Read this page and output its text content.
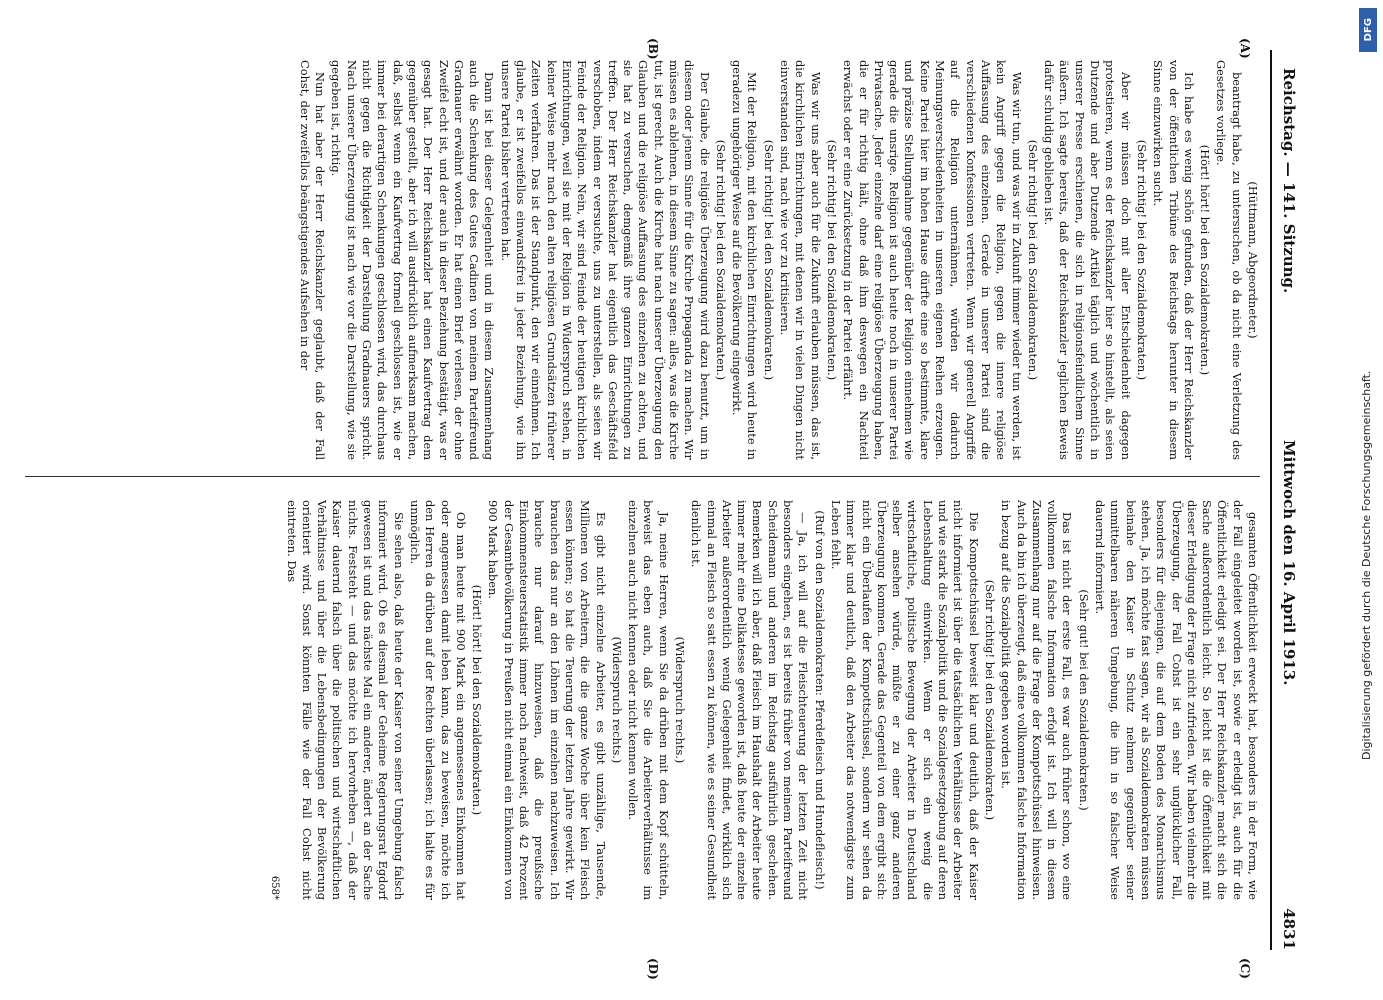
Reichstag. — 141. Sitzung.
Mittwoch den 16. April 1913.
4831
(A)
(B)
(C)
(D)

(Hüttmann, Abgeordneter.)

beantragt habe, zu untersuchen, ob da nicht eine Verletzung des Gesetzes vorliege.

(Hört! hört! bei den Sozialdemokraten.)

Ich habe es wenig schön gefunden, daß der Herr Reichskanzler von der öffentlichen Tribüne des Reichstags herunter in diesem Sinne einzuwirken sucht.

(Sehr richtig! bei den Sozialdemokraten.)

Aber wir müssen doch mit aller Entschiedenheit dagegen protestieren, wenn es der Reichskanzler hier so hinstellt, als seien Dutzende und aber Dutzende Artikel täglich und wöchentlich in unserer Presse erschienen, die sich in religionsfeindlichem Sinne äußern. Ich sagte bereits, daß der Reichskanzler jeglichen Beweis dafür schuldig geblieben ist.

(Sehr richtig! bei den Sozialdemokraten.)

Was wir tun, und was wir in Zukunft immer wieder tun werden, ist kein Angriff gegen die Religion, gegen die innere religiöse Auffassung des einzelnen. Gerade in unserer Partei sind die verschiedenen Konfessionen vertreten. Wenn wir generell Angriffe auf die Religion unternähmen, würden wir dadurch Meinungsverschiedenheiten in unseren eigenen Reihen erzeugen. Keine Partei hier im hohen Hause dürfte eine so bestimmte, klare und präzise Stellungnahme gegenüber der Religion einnehmen wie gerade die unsrige. Religion ist auch heute noch in unserer Partei Privatsache. Jeder einzelne darf eine religiöse Überzeugung haben, die er für richtig hält, ohne daß ihm deswegen ein Nachteil erwächst oder er eine Zurücksetzung in der Partei erfährt.

(Sehr richtig! bei den Sozialdemokraten.)

Was wir uns aber auch für die Zukunft erlauben müssen, das ist, die kirchlichen Einrichtungen, mit denen wir in vielen Dingen nicht einverstanden sind, nach wie vor zu kritisieren.

(Sehr richtig! bei den Sozialdemokraten.)

Mit der Religion, mit den kirchlichen Einrichtungen wird heute in geradezu ungehöriger Weise auf die Bevölkerung eingewirkt.

(Sehr richtig! bei den Sozialdemokraten.)

Der Glaube, die religiöse Überzeugung wird dazu benutzt, um in diesem oder jenem Sinne für die Kirche Propaganda zu machen. Wir müssen es ablehnen, in diesem Sinne zu sagen: alles, was die Kirche tut, ist gerecht. Auch die Kirche hat nach unserer Überzeugung den Glauben und die religiöse Auffassung des einzelnen zu achten, und sie hat zu versuchen, demgemäß ihre ganzen Einrichtungen zu treffen. Der Herr Reichskanzler hat eigentlich das Geschäftsfeld verschoben, indem er versuchte, uns zu unterstellen, als seien wir Feinde der Religion. Nein, wir sind Feinde der heutigen kirchlichen Einrichtungen, weil sie mit der Religion in Widerspruch stehen, in keiner Weise mehr nach den alten religiösen Grundsätzen früherer Zeiten verfahren. Das ist der Standpunkt, den wir einnehmen. Ich glaube, er ist zweifellos einwandsfrei in jeder Beziehung, wie ihn unsere Partei bisher vertreten hat.

Dann ist bei dieser Gelegenheit und in diesem Zusammenhang auch die Schenkung des Gutes Cadinen von meinem Parteifreund Gradnauer erwähnt worden. Er hat einen Brief verlesen, der ohne Zweifel echt ist, und der auch in dieser Beziehung bestätigt, was er gesagt hat. Der Herr Reichskanzler hat einen Kaufvertrag dem gegenüber gestellt, aber ich will ausdrücklich aufmerksam machen, daß, selbst wenn ein Kaufvertrag formell geschlossen ist, wie er immer bei derartigen Schenkungen geschlossen wird, das durchaus nicht gegen die Richtigkeit der Darstellung Gradnauers spricht. Nach unserer Überzeugung ist nach wie vor die Darstellung, wie sie gegeben ist, richtig.

Nun hat aber der Herr Reichskanzler geglaubt, daß der Fall Cohst, der zweifellos beängstigendes Aufsehen in der

gesamten Öffentlichkeit erweckt hat, besonders in der Form, wie der Fall eingeleitet worden ist, sowie er erledigt ist, auch für die Öffentlichkeit erledigt sei. Der Herr Reichskanzler macht sich die Sache außerordentlich leicht. So leicht ist die Öffentlichkeit mit dieser Erledigung der Frage nicht zufrieden. Wir haben vielmehr die Überzeugung, der Fall Cohst ist ein sehr unglücklicher Fall, besonders für diejenigen, die auf dem Boden des Monarchismus stehen. Ja, ich möchte fast sagen, wir als Sozialdemokraten müssen beinahe den Kaiser in Schutz nehmen gegenüber seiner unmittelbaren näheren Umgebung, die ihn in so falscher Weise dauernd informiert.

(Sehr gut! bei den Sozialdemokraten.)

Das ist nicht der erste Fall, es war auch früher schon, wo eine vollkommen falsche Information erfolgt ist. Ich will in diesem Zusammenhang nur auf die Frage der Kompottschüssel hinweisen. Auch da bin ich überzeugt, daß eine vollkommen falsche Information in bezug auf die Sozialpolitik gegeben worden ist.

(Sehr richtig! bei den Sozialdemokraten.)

Die Kompottschüssel beweist klar und deutlich, daß der Kaiser nicht informiert ist über die tatsächlichen Verhältnisse der Arbeiter und wie stark die Sozialpolitik und die Sozialgesetzgebung auf deren Lebenshaltung einwirken. Wenn er sich ein wenig die wirtschaftliche, politische Bewegung der Arbeiter in Deutschland selber ansehen würde, müßte er zu einer ganz anderen Überzeugung kommen. Gerade das Gegenteil von dem ergibt sich: nicht ein Überlaufen der Kompottschüssel, sondern wir sehen da immer klar und deutlich, daß den Arbeiter das notwendigste zum Leben fehlt.

(Ruf von den Sozialdemokraten: Pferdefleisch und Hundefleisch!)

— Ja, ich will auf die Fleischteuerung der letzten Zeit nicht besonders eingehen, es ist bereits früher von meinem Parteifreund Scheidemann und anderen im Reichstag ausführlich geschehen. Bemerken will ich aber, daß Fleisch im Haushalt der Arbeiter heute immer mehr eine Delikatesse geworden ist, daß heute der einzelne Arbeiter außerordentlich wenig Gelegenheit findet, wirklich sich einmal an Fleisch so satt essen zu können, wie es seiner Gesundheit dienlich ist.

(Widerspruch rechts.)

Ja, meine Herren, wenn Sie da drüben mit dem Kopf schütteln, beweist das eben auch, daß Sie die Arbeiterverhältnisse im einzelnen auch nicht kennen oder nicht kennen wollen.

(Widerspruch rechts.)

Es gibt nicht einzelne Arbeiter, es gibt unzählige, Tausende, Millionen von Arbeitern, die die ganze Woche über kein Fleisch essen können; so hat die Teuerung der letzten Jahre gewirkt. Wir brauchen das nur an den Löhnen im einzelnen nachzuweisen. Ich brauche nur darauf hinzuweisen, daß die preußische Einkommensteuerstatistik immer noch nachweist, daß 42 Prozent der Gesamtbevölkerung in Preußen nicht einmal ein Einkommen von 900 Mark haben.

(Hört! hört! bei den Sozialdemokraten.)

Ob man heute mit 900 Mark ein angemessenes Einkommen hat oder angemessen damit leben kann, das zu beweisen, möchte ich den Herren da drüben auf der Rechten überlassen; ich halte es für unmöglich.

Sie sehen also, daß heute der Kaiser von seiner Umgebung falsch informiert wird. Ob es diesmal der Geheime Regierungsrat Egdorf gewesen ist und das nächste Mal ein anderer, ändert an der Sache nichts. Feststeht — und das möchte ich hervorheben —, daß der Kaiser dauernd falsch über die politischen und wirtschaftlichen Verhältnisse und über die Lebensbedingungen der Bevölkerung orientiert wird. Sonst könnten Fälle wie der Fall Cohst nicht eintreten. Das

658*

DFG
Digitalisierung gefördert durch die Deutsche Forschungsgemeinschaft.
